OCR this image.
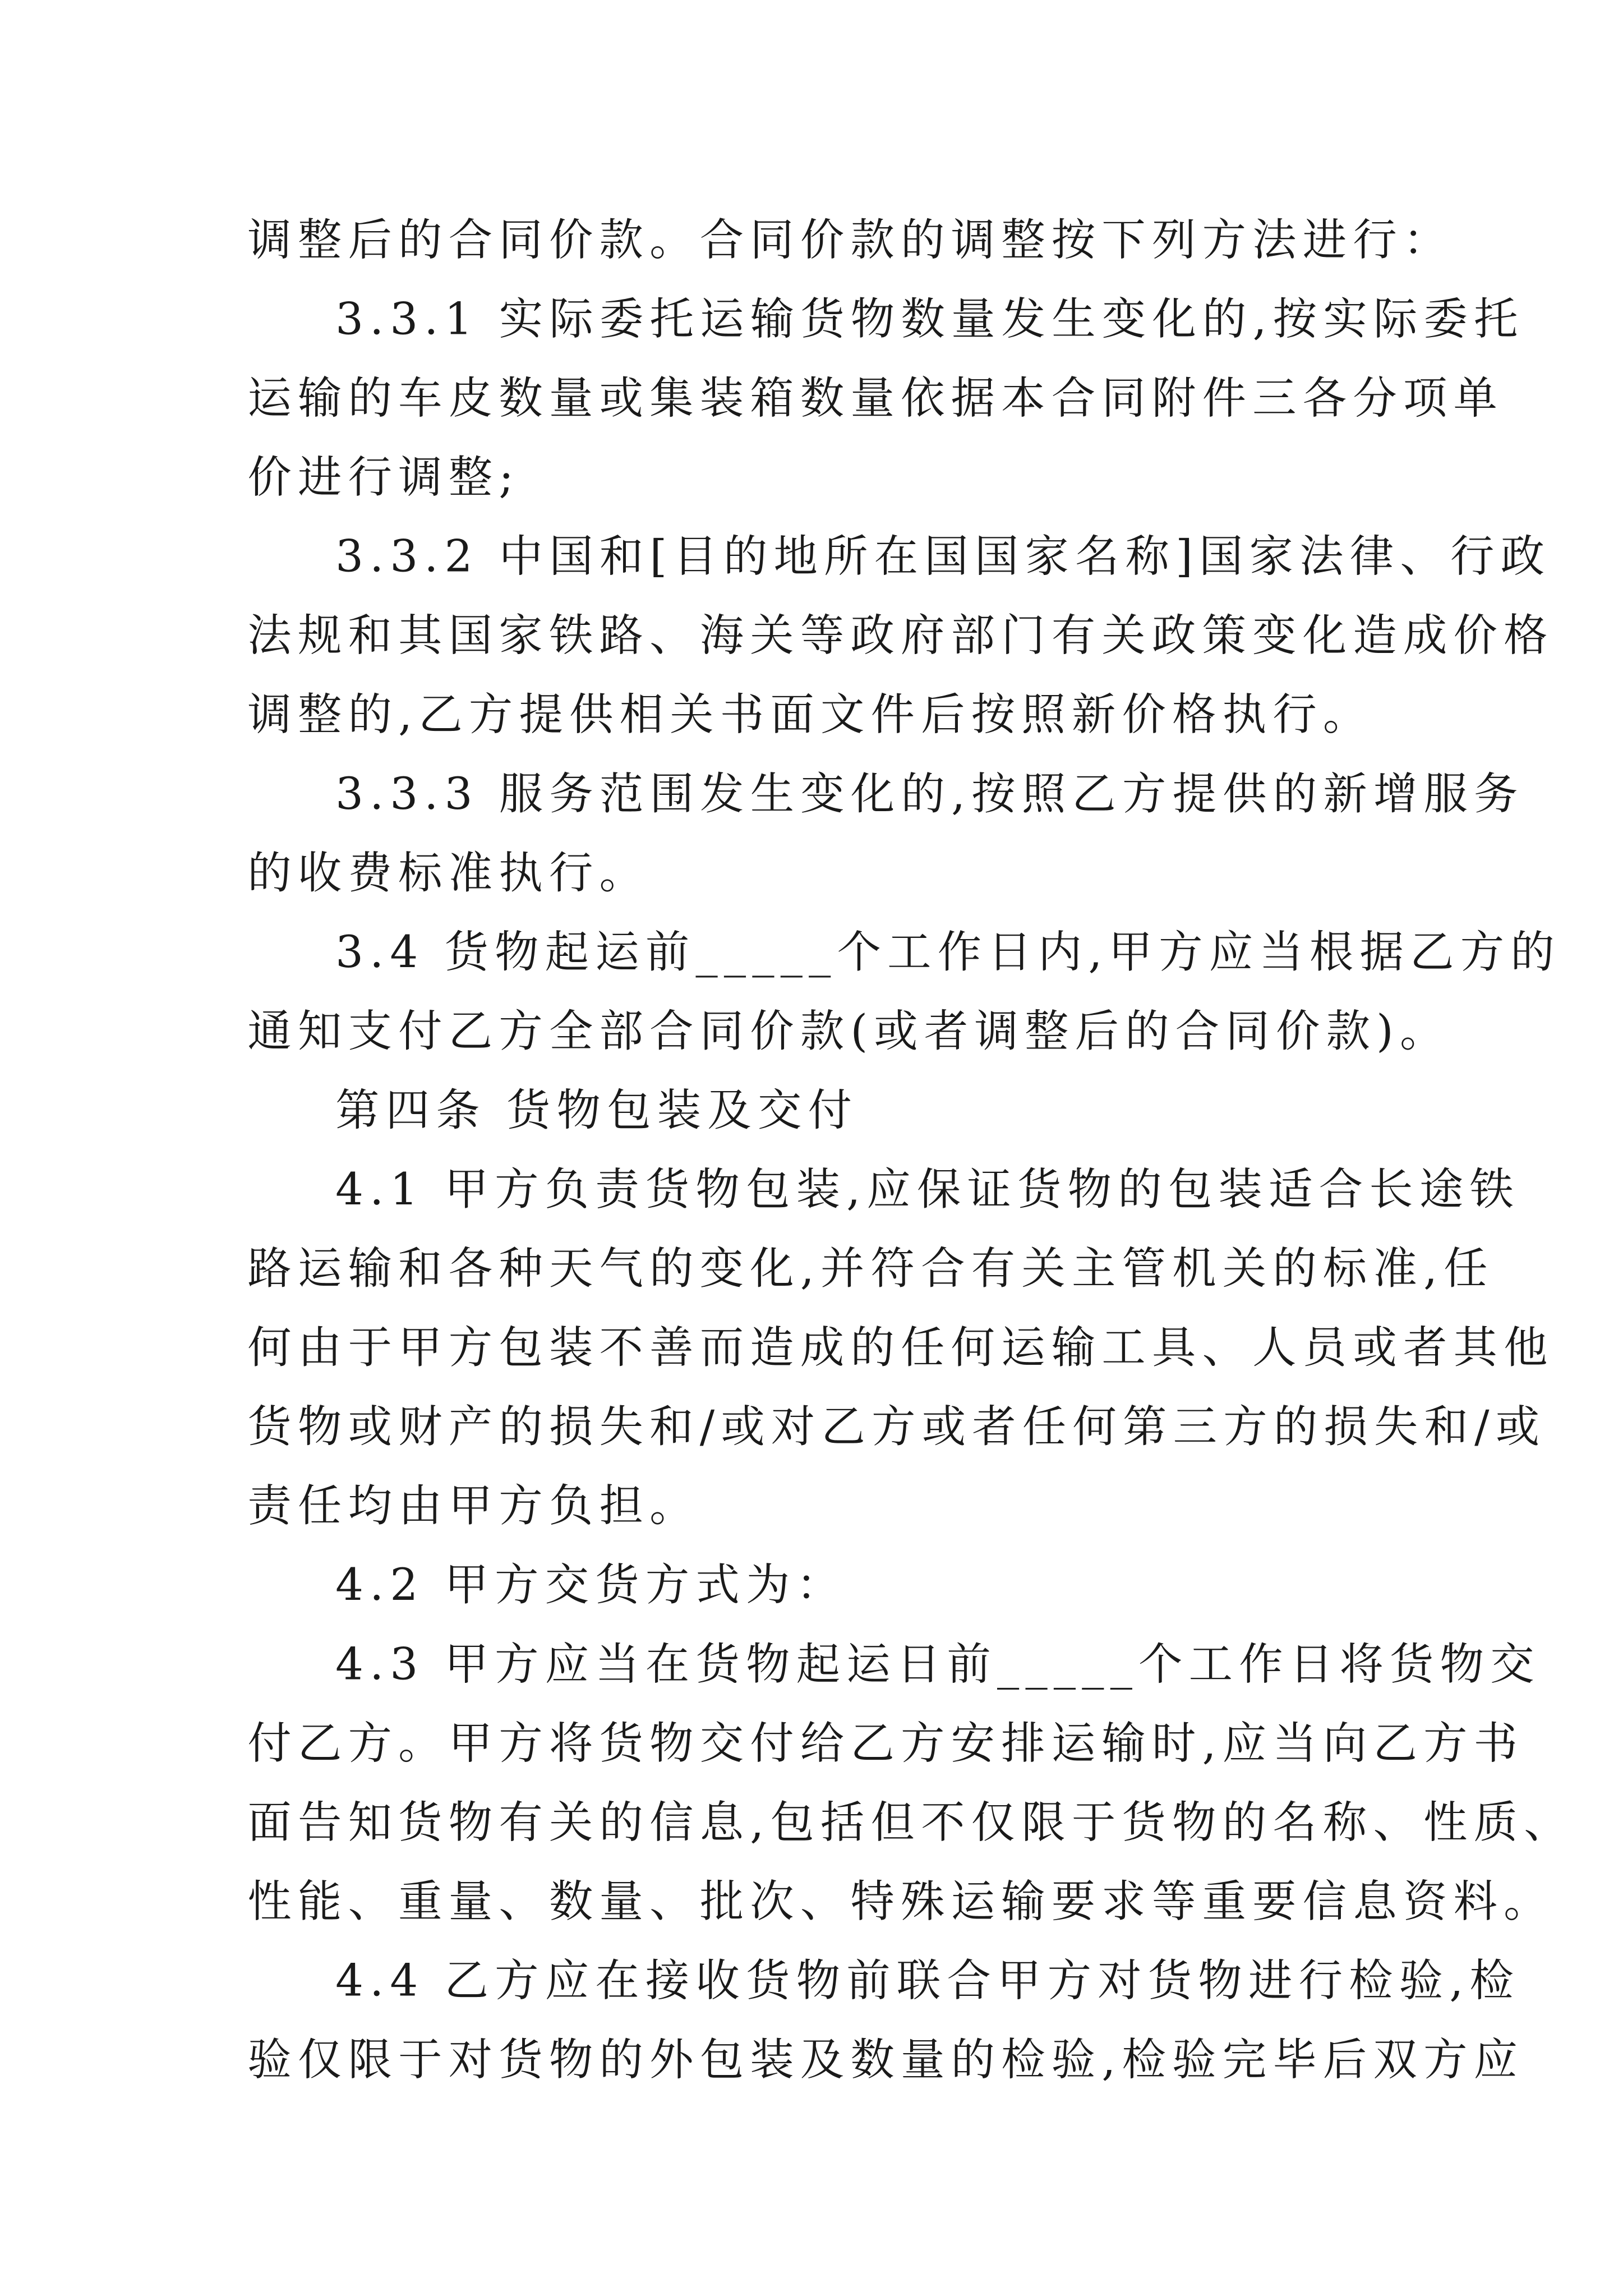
调整后的合同价款。合同价款的调整按下列方法进行：
3.3.1 实际委托运输货物数量发生变化的,按实际委托
运输的车皮数量或集装箱数量依据本合同附件三各分项单
价进行调整;
3.3.2 中国和[目的地所在国国家名称]国家法律、行政
法规和其国家铁路、海关等政府部门有关政策变化造成价格
调整的,乙方提供相关书面文件后按照新价格执行。
3.3.3 服务范围发生变化的,按照乙方提供的新增服务
的收费标准执行。
3.4 货物起运前_____个工作日内,甲方应当根据乙方的
通知支付乙方全部合同价款(或者调整后的合同价款)。
第四条 货物包装及交付
4.1 甲方负责货物包装,应保证货物的包装适合长途铁
路运输和各种天气的变化,并符合有关主管机关的标准,任
何由于甲方包装不善而造成的任何运输工具、人员或者其他
货物或财产的损失和/或对乙方或者任何第三方的损失和/或
责任均由甲方负担。
4.2 甲方交货方式为：
4.3 甲方应当在货物起运日前_____个工作日将货物交
付乙方。甲方将货物交付给乙方安排运输时,应当向乙方书
面告知货物有关的信息,包括但不仅限于货物的名称、性质、
性能、重量、数量、批次、特殊运输要求等重要信息资料。
4.4 乙方应在接收货物前联合甲方对货物进行检验,检
验仅限于对货物的外包装及数量的检验,检验完毕后双方应
